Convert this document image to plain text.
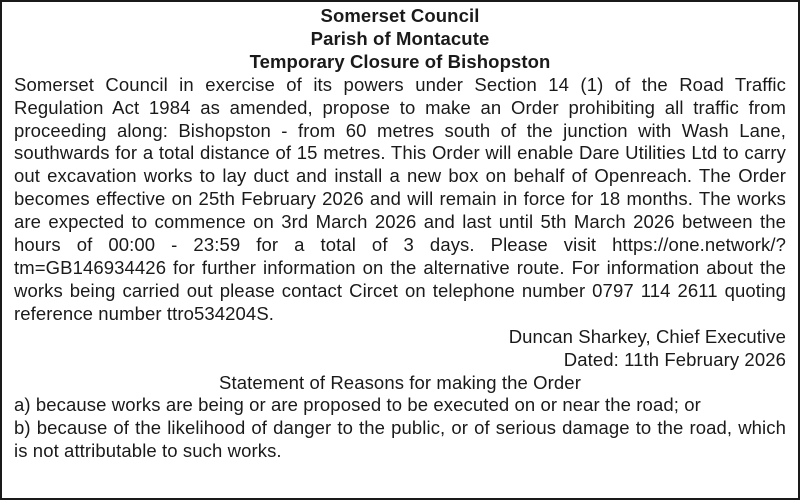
Somerset Council

Parish of Montacute

Temporary Closure of Bishopston

Somerset Council in exercise of its powers under Section 14 (1) of the Road Traffic Regulation Act 1984 as amended, propose to make an Order prohibiting all traffic from proceeding along: Bishopston - from 60 metres south of the junction with Wash Lane, southwards for a total distance of 15 metres. This Order will enable Dare Utilities Ltd to carry out excavation works to lay duct and install a new box on behalf of Openreach. The Order becomes effective on 25th February 2026 and will remain in force for 18 months. The works are expected to commence on 3rd March 2026 and last until 5th March 2026 between the hours of 00:00 - 23:59 for a total of 3 days. Please visit https://one.network/?tm=GB146934426 for further information on the alternative route. For information about the works being carried out please contact Circet on telephone number 0797 114 2611 quoting reference number ttro534204S.

Duncan Sharkey, Chief Executive

Dated: 11th February 2026

Statement of Reasons for making the Order

a) because works are being or are proposed to be executed on or near the road; or

b) because of the likelihood of danger to the public, or of serious damage to the road, which is not attributable to such works.
